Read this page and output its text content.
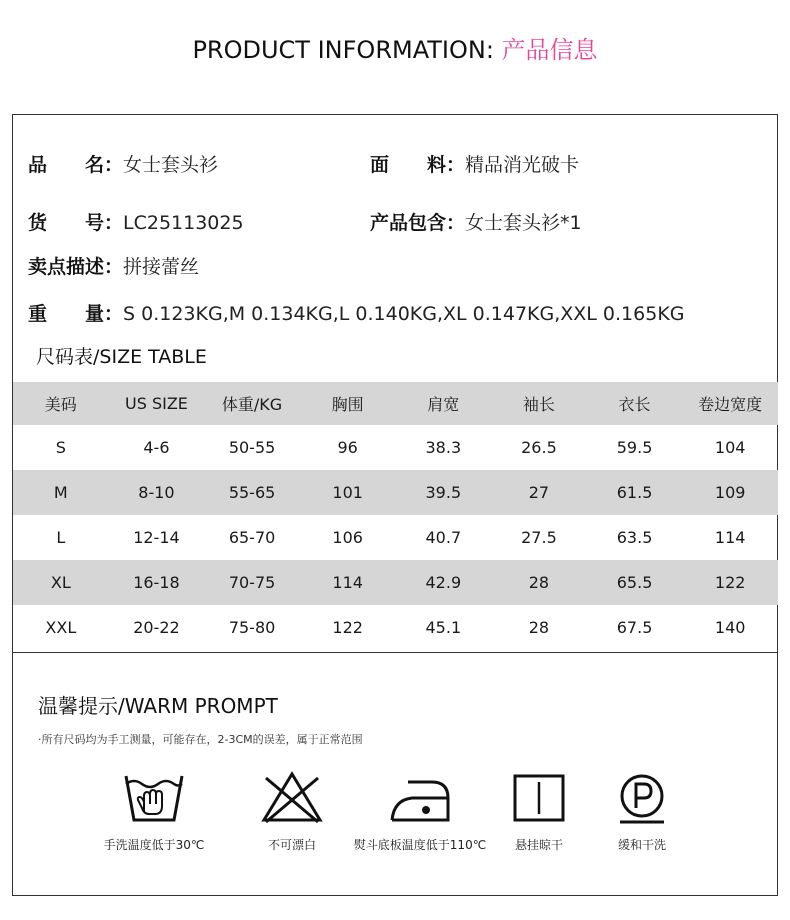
PRODUCT INFORMATION: 产品信息
品　　名：女士套头衫	面　　料：精品消光破卡
货　　号：LC25113025	产品包含：女士套头衫*1
卖点描述：拼接蕾丝
重　　量：S 0.123KG,M 0.134KG,L 0.140KG,XL 0.147KG,XXL 0.165KG
尺码表/SIZE TABLE
美码	US SIZE	体重/KG	胸围	肩宽	袖长	衣长	卷边宽度
S	4-6	50-55	96	38.3	26.5	59.5	104
M	8-10	55-65	101	39.5	27	61.5	109
L	12-14	65-70	106	40.7	27.5	63.5	114
XL	16-18	70-75	114	42.9	28	65.5	122
XXL	20-22	75-80	122	45.1	28	67.5	140
温馨提示/WARM PROMPT
·所有尺码均为手工测量，可能存在，2-3CM的误差，属于正常范围
手洗温度低于30℃	不可漂白	熨斗底板温度低于110℃	悬挂晾干	缓和干洗
